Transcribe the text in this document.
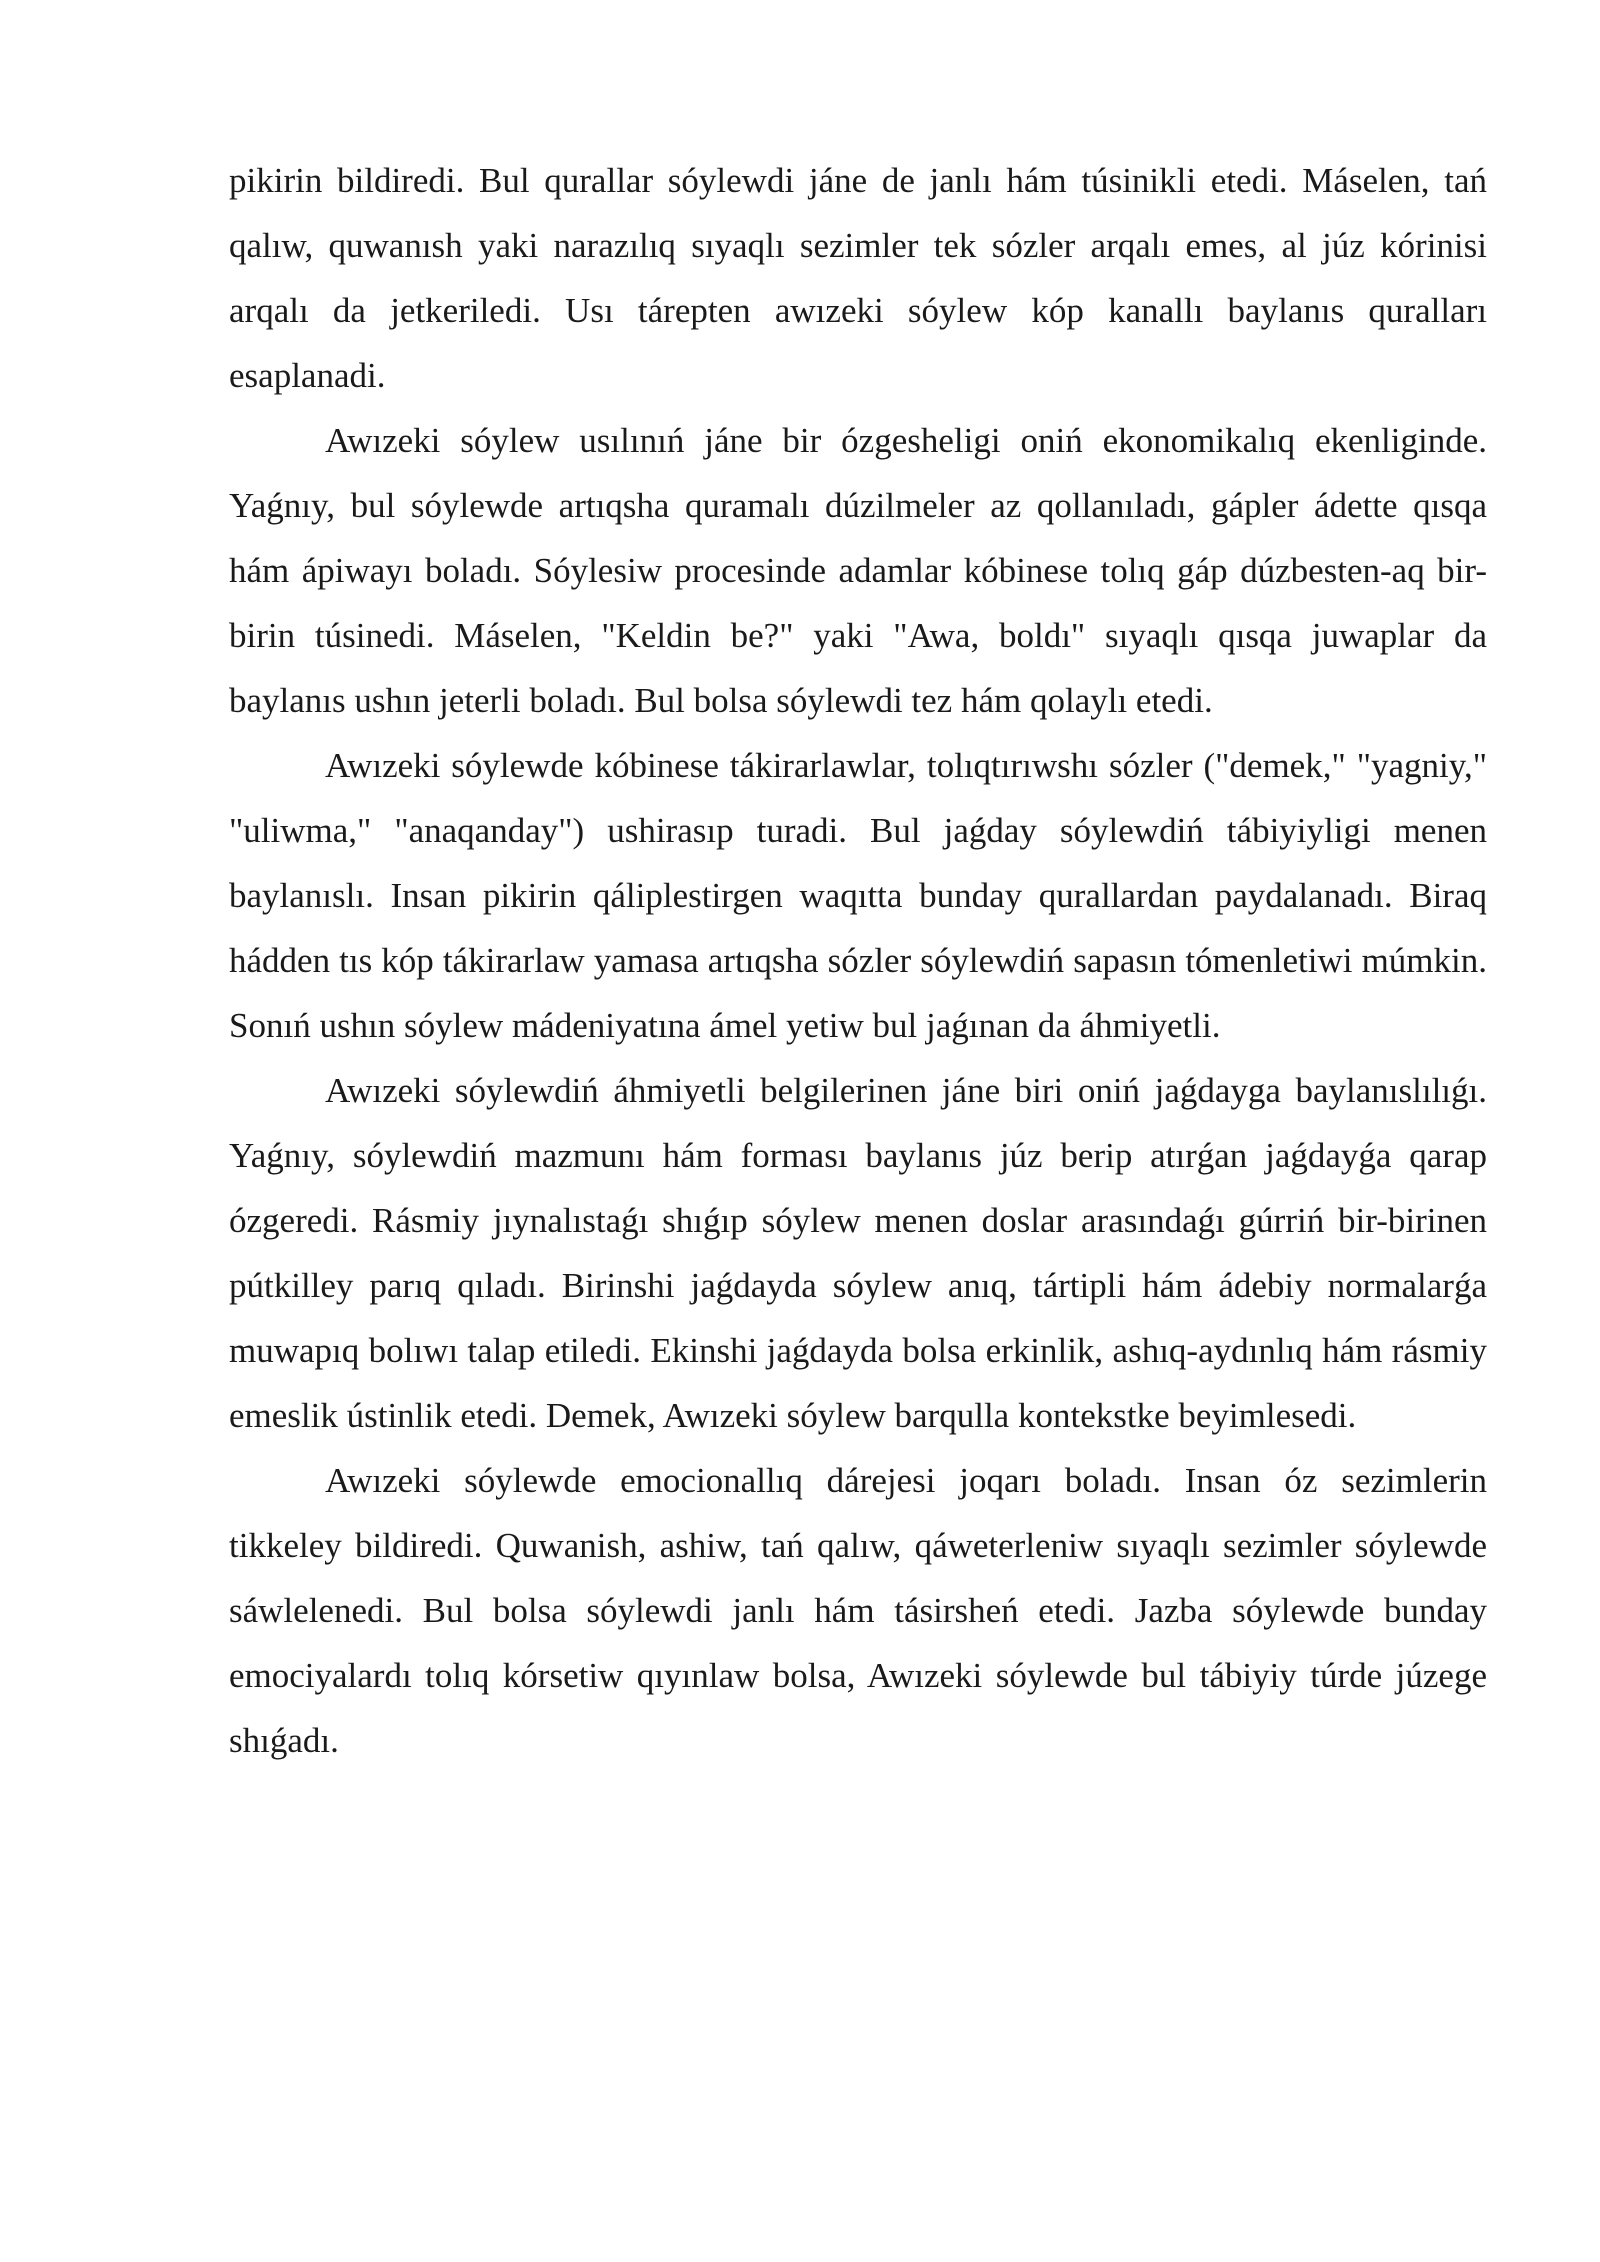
pikirin bildiredi. Bul qurallar sóylewdi jáne de janlı hám túsinikli etedi. Máselen, tań qalıw, quwanısh yaki narazılıq sıyaqlı sezimler tek sózler arqalı emes, al júz kórinisi arqalı da jetkeriledi. Usı tárepten awızeki sóylew kóp kanallı baylanıs quralları esaplanadi.

Awızeki sóylew usılınıń jáne bir ózgesheligi oniń ekonomikalıq ekenliginde. Yaǵnıy, bul sóylewde artıqsha quramalı dúzilmeler az qollanıladı, gápler ádette qısqa hám ápiwayı boladı. Sóylesiw procesinde adamlar kóbinese tolıq gáp dúzbesten-aq bir-birin túsinedi. Máselen, "Keldin be?" yaki "Awa, boldı" sıyaqlı qısqa juwaplar da baylanıs ushın jeterli boladı. Bul bolsa sóylewdi tez hám qolaylı etedi.

Awızeki sóylewde kóbinese tákirarlawlar, tolıqtırıwshı sózler ("demek," "yagniy," "uliwma," "anaqanday") ushirasıp turadi. Bul jaǵday sóylewdiń tábiyiyligi menen baylanıslı. Insan pikirin qáliplestirgen waqıtta bunday qurallardan paydalanadı. Biraq hádden tıs kóp tákirarlaw yamasa artıqsha sózler sóylewdiń sapasın tómenletiwi múmkin. Sonıń ushın sóylew mádeniyatına ámel yetiw bul jaǵınan da áhmiyetli.

Awızeki sóylewdiń áhmiyetli belgilerinen jáne biri oniń jaǵdayga baylanıslılıǵı. Yaǵnıy, sóylewdiń mazmunı hám forması baylanıs júz berip atırǵan jaǵdayǵa qarap ózgeredi. Rásmiy jıynalıstaǵı shıǵıp sóylew menen doslar arasındaǵı gúrriń bir-birinen pútkilley parıq qıladı. Birinshi jaǵdayda sóylew anıq, tártipli hám ádebiy normalarǵa muwapıq bolıwı talap etiledi. Ekinshi jaǵdayda bolsa erkinlik, ashıq-aydınlıq hám rásmiy emeslik ústinlik etedi. Demek, Awızeki sóylew barqulla kontekstke beyimlesedi.

Awızeki sóylewde emocionallıq dárejesi joqarı boladı. Insan óz sezimlerin tikkeley bildiredi. Quwanish, ashiw, tań qalıw, qáweterleniw sıyaqlı sezimler sóylewde sáwlelenedi. Bul bolsa sóylewdi janlı hám tásirsheń etedi. Jazba sóylewde bunday emociyalardı tolıq kórsetiw qıyınlaw bolsa, Awızeki sóylewde bul tábiyiy túrde júzege shıǵadı.
